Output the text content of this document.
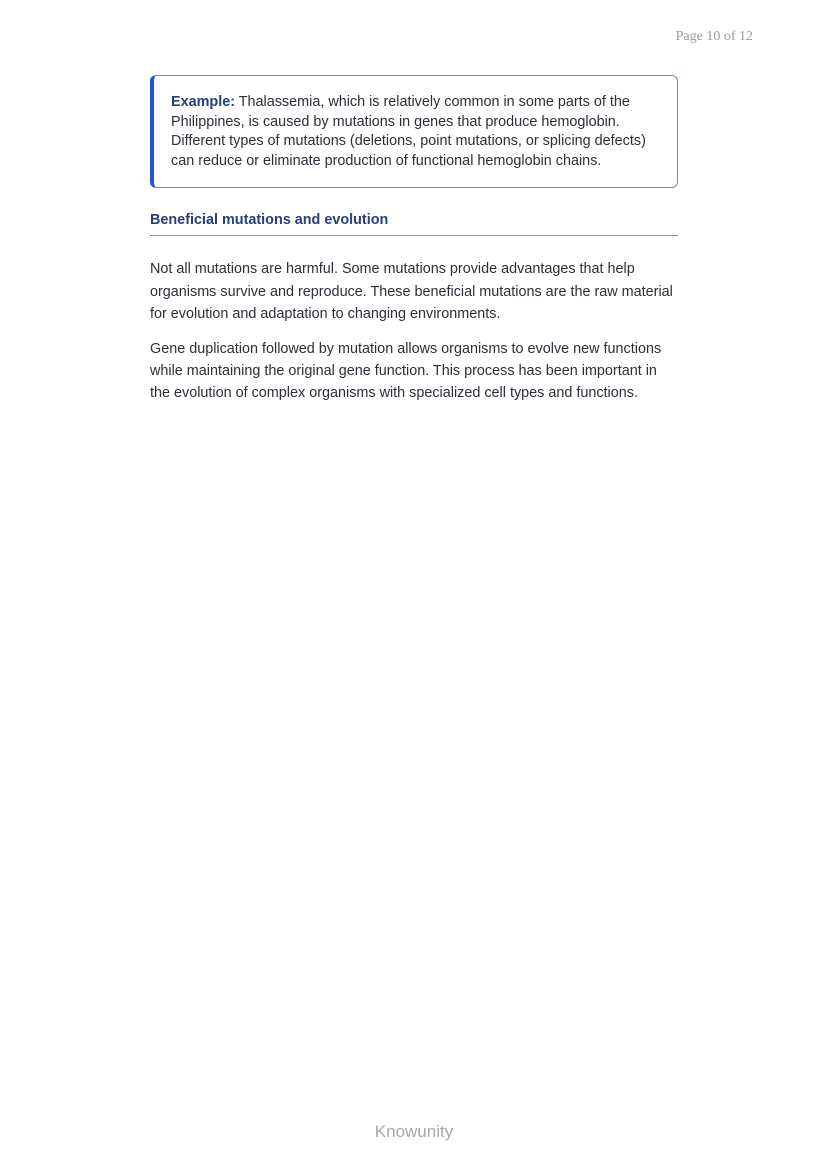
Page 10 of 12
Example: Thalassemia, which is relatively common in some parts of the Philippines, is caused by mutations in genes that produce hemoglobin. Different types of mutations (deletions, point mutations, or splicing defects) can reduce or eliminate production of functional hemoglobin chains.
Beneficial mutations and evolution

Not all mutations are harmful. Some mutations provide advantages that help organisms survive and reproduce. These beneficial mutations are the raw material for evolution and adaptation to changing environments.

Gene duplication followed by mutation allows organisms to evolve new functions while maintaining the original gene function. This process has been important in the evolution of complex organisms with specialized cell types and functions.

Knowunity
